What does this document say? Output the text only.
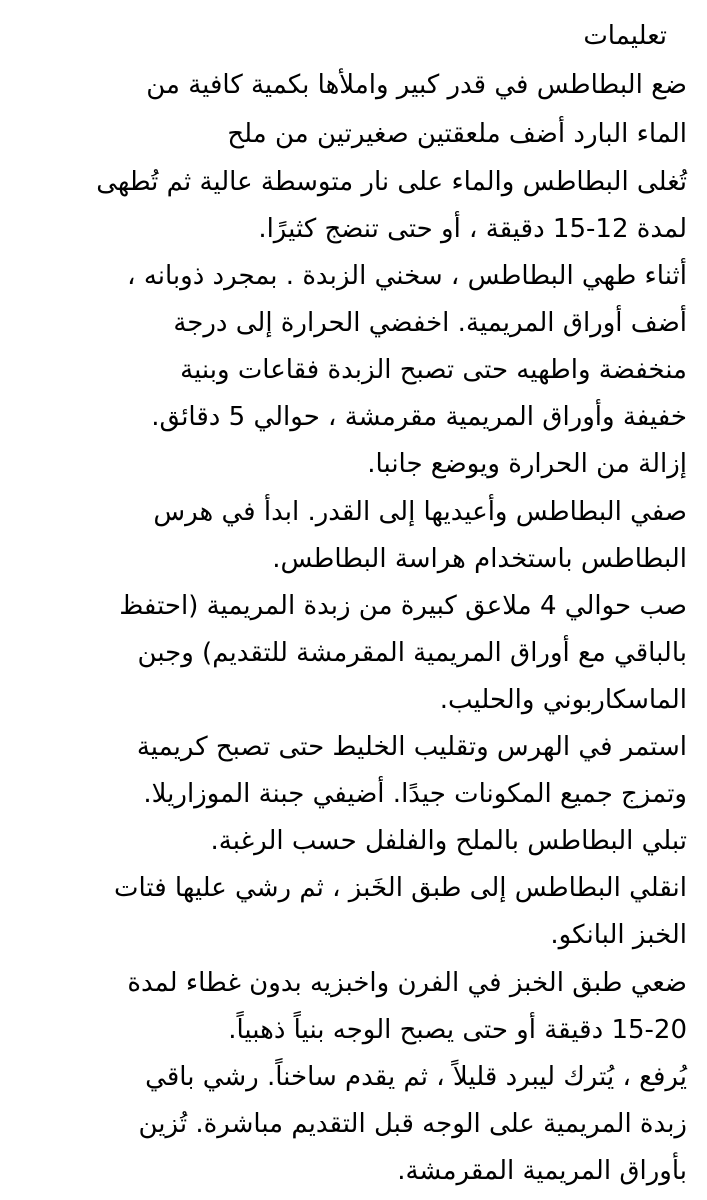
تعليمات
ضع البطاطس في قدر كبير واملأها بكمية كافية من
الماء البارد أضف ملعقتين صغيرتين من ملح
تُغلى البطاطس والماء على نار متوسطة عالية ثم تُطهى
لمدة 12-15 دقيقة ، أو حتى تنضج كثيرًا.
أثناء طهي البطاطس ، سخني الزبدة . بمجرد ذوبانه ،
أضف أوراق المريمية. اخفضي الحرارة إلى درجة
منخفضة واطهيه حتى تصبح الزبدة فقاعات وبنية
خفيفة وأوراق المريمية مقرمشة ، حوالي 5 دقائق.
إزالة من الحرارة ويوضع جانبا.
صفي البطاطس وأعيديها إلى القدر. ابدأ في هرس
البطاطس باستخدام هراسة البطاطس.
صب حوالي 4 ملاعق كبيرة من زبدة المريمية (احتفظ
بالباقي مع أوراق المريمية المقرمشة للتقديم) وجبن
الماسكاربوني والحليب.
استمر في الهرس وتقليب الخليط حتى تصبح كريمية
وتمزج جميع المكونات جيدًا. أضيفي جبنة الموزاريلا.
تبلي البطاطس بالملح والفلفل حسب الرغبة.
انقلي البطاطس إلى طبق الخَبز ، ثم رشي عليها فتات
الخبز البانكو.
ضعي طبق الخبز في الفرن واخبزيه بدون غطاء لمدة
15-20 دقيقة أو حتى يصبح الوجه بنياً ذهبياً.
يُرفع ، يُترك ليبرد قليلاً ، ثم يقدم ساخناً. رشي باقي
زبدة المريمية على الوجه قبل التقديم مباشرة. تُزين
بأوراق المريمية المقرمشة.
